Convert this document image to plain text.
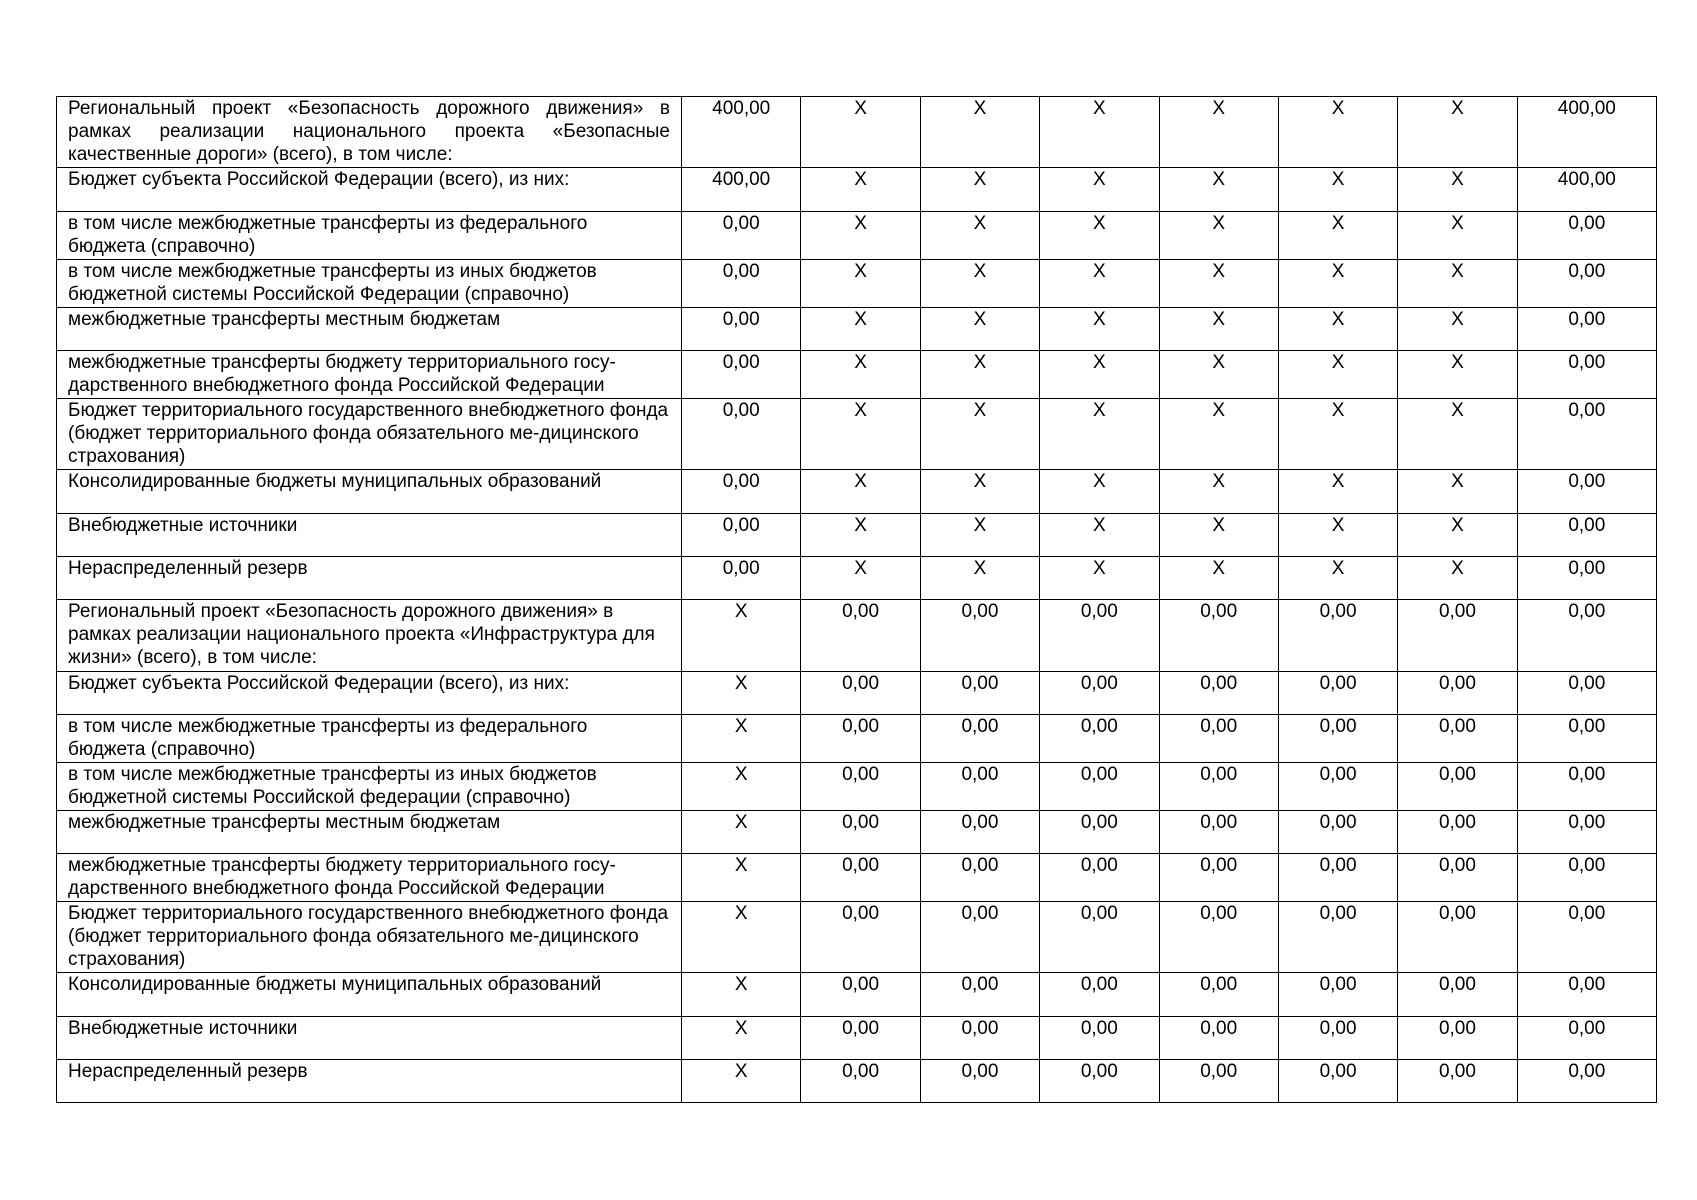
Региональный проект «Безопасность дорожного движения» в рамках реализации национального проекта «Безопасные качественные дороги» (всего), в том числе:	400,00	X	X	X	X	X	X	400,00

Бюджет субъекта Российской Федерации (всего), из них:	400,00	X	X	X	X	X	X	400,00

в том числе межбюджетные трансферты из федерального бюджета (справочно)	0,00	X	X	X	X	X	X	0,00

в том числе межбюджетные трансферты из иных бюджетов бюджетной системы Российской Федерации (справочно)	0,00	X	X	X	X	X	X	0,00

межбюджетные трансферты местным бюджетам	0,00	X	X	X	X	X	X	0,00

межбюджетные трансферты бюджету территориального госу-дарственного внебюджетного фонда Российской Федерации	0,00	X	X	X	X	X	X	0,00

Бюджет территориального государственного внебюджетного фонда (бюджет территориального фонда обязательного ме-дицинского страхования)	0,00	X	X	X	X	X	X	0,00

Консолидированные бюджеты муниципальных образований	0,00	X	X	X	X	X	X	0,00

Внебюджетные источники	0,00	X	X	X	X	X	X	0,00

Нераспределенный резерв	0,00	X	X	X	X	X	X	0,00

Региональный проект «Безопасность дорожного движения» в рамках реализации национального проекта «Инфраструктура для жизни» (всего), в том числе:	X	0,00	0,00	0,00	0,00	0,00	0,00	0,00

Бюджет субъекта Российской Федерации (всего), из них:	X	0,00	0,00	0,00	0,00	0,00	0,00	0,00

в том числе межбюджетные трансферты из федерального бюджета (справочно)	X	0,00	0,00	0,00	0,00	0,00	0,00	0,00

в том числе межбюджетные трансферты из иных бюджетов бюджетной системы Российской федерации (справочно)	X	0,00	0,00	0,00	0,00	0,00	0,00	0,00

межбюджетные трансферты местным бюджетам	X	0,00	0,00	0,00	0,00	0,00	0,00	0,00

межбюджетные трансферты бюджету территориального госу-дарственного внебюджетного фонда Российской Федерации	X	0,00	0,00	0,00	0,00	0,00	0,00	0,00

Бюджет территориального государственного внебюджетного фонда (бюджет территориального фонда обязательного ме-дицинского страхования)	X	0,00	0,00	0,00	0,00	0,00	0,00	0,00

Консолидированные бюджеты муниципальных образований	X	0,00	0,00	0,00	0,00	0,00	0,00	0,00

Внебюджетные источники	X	0,00	0,00	0,00	0,00	0,00	0,00	0,00

Нераспределенный резерв	X	0,00	0,00	0,00	0,00	0,00	0,00	0,00
